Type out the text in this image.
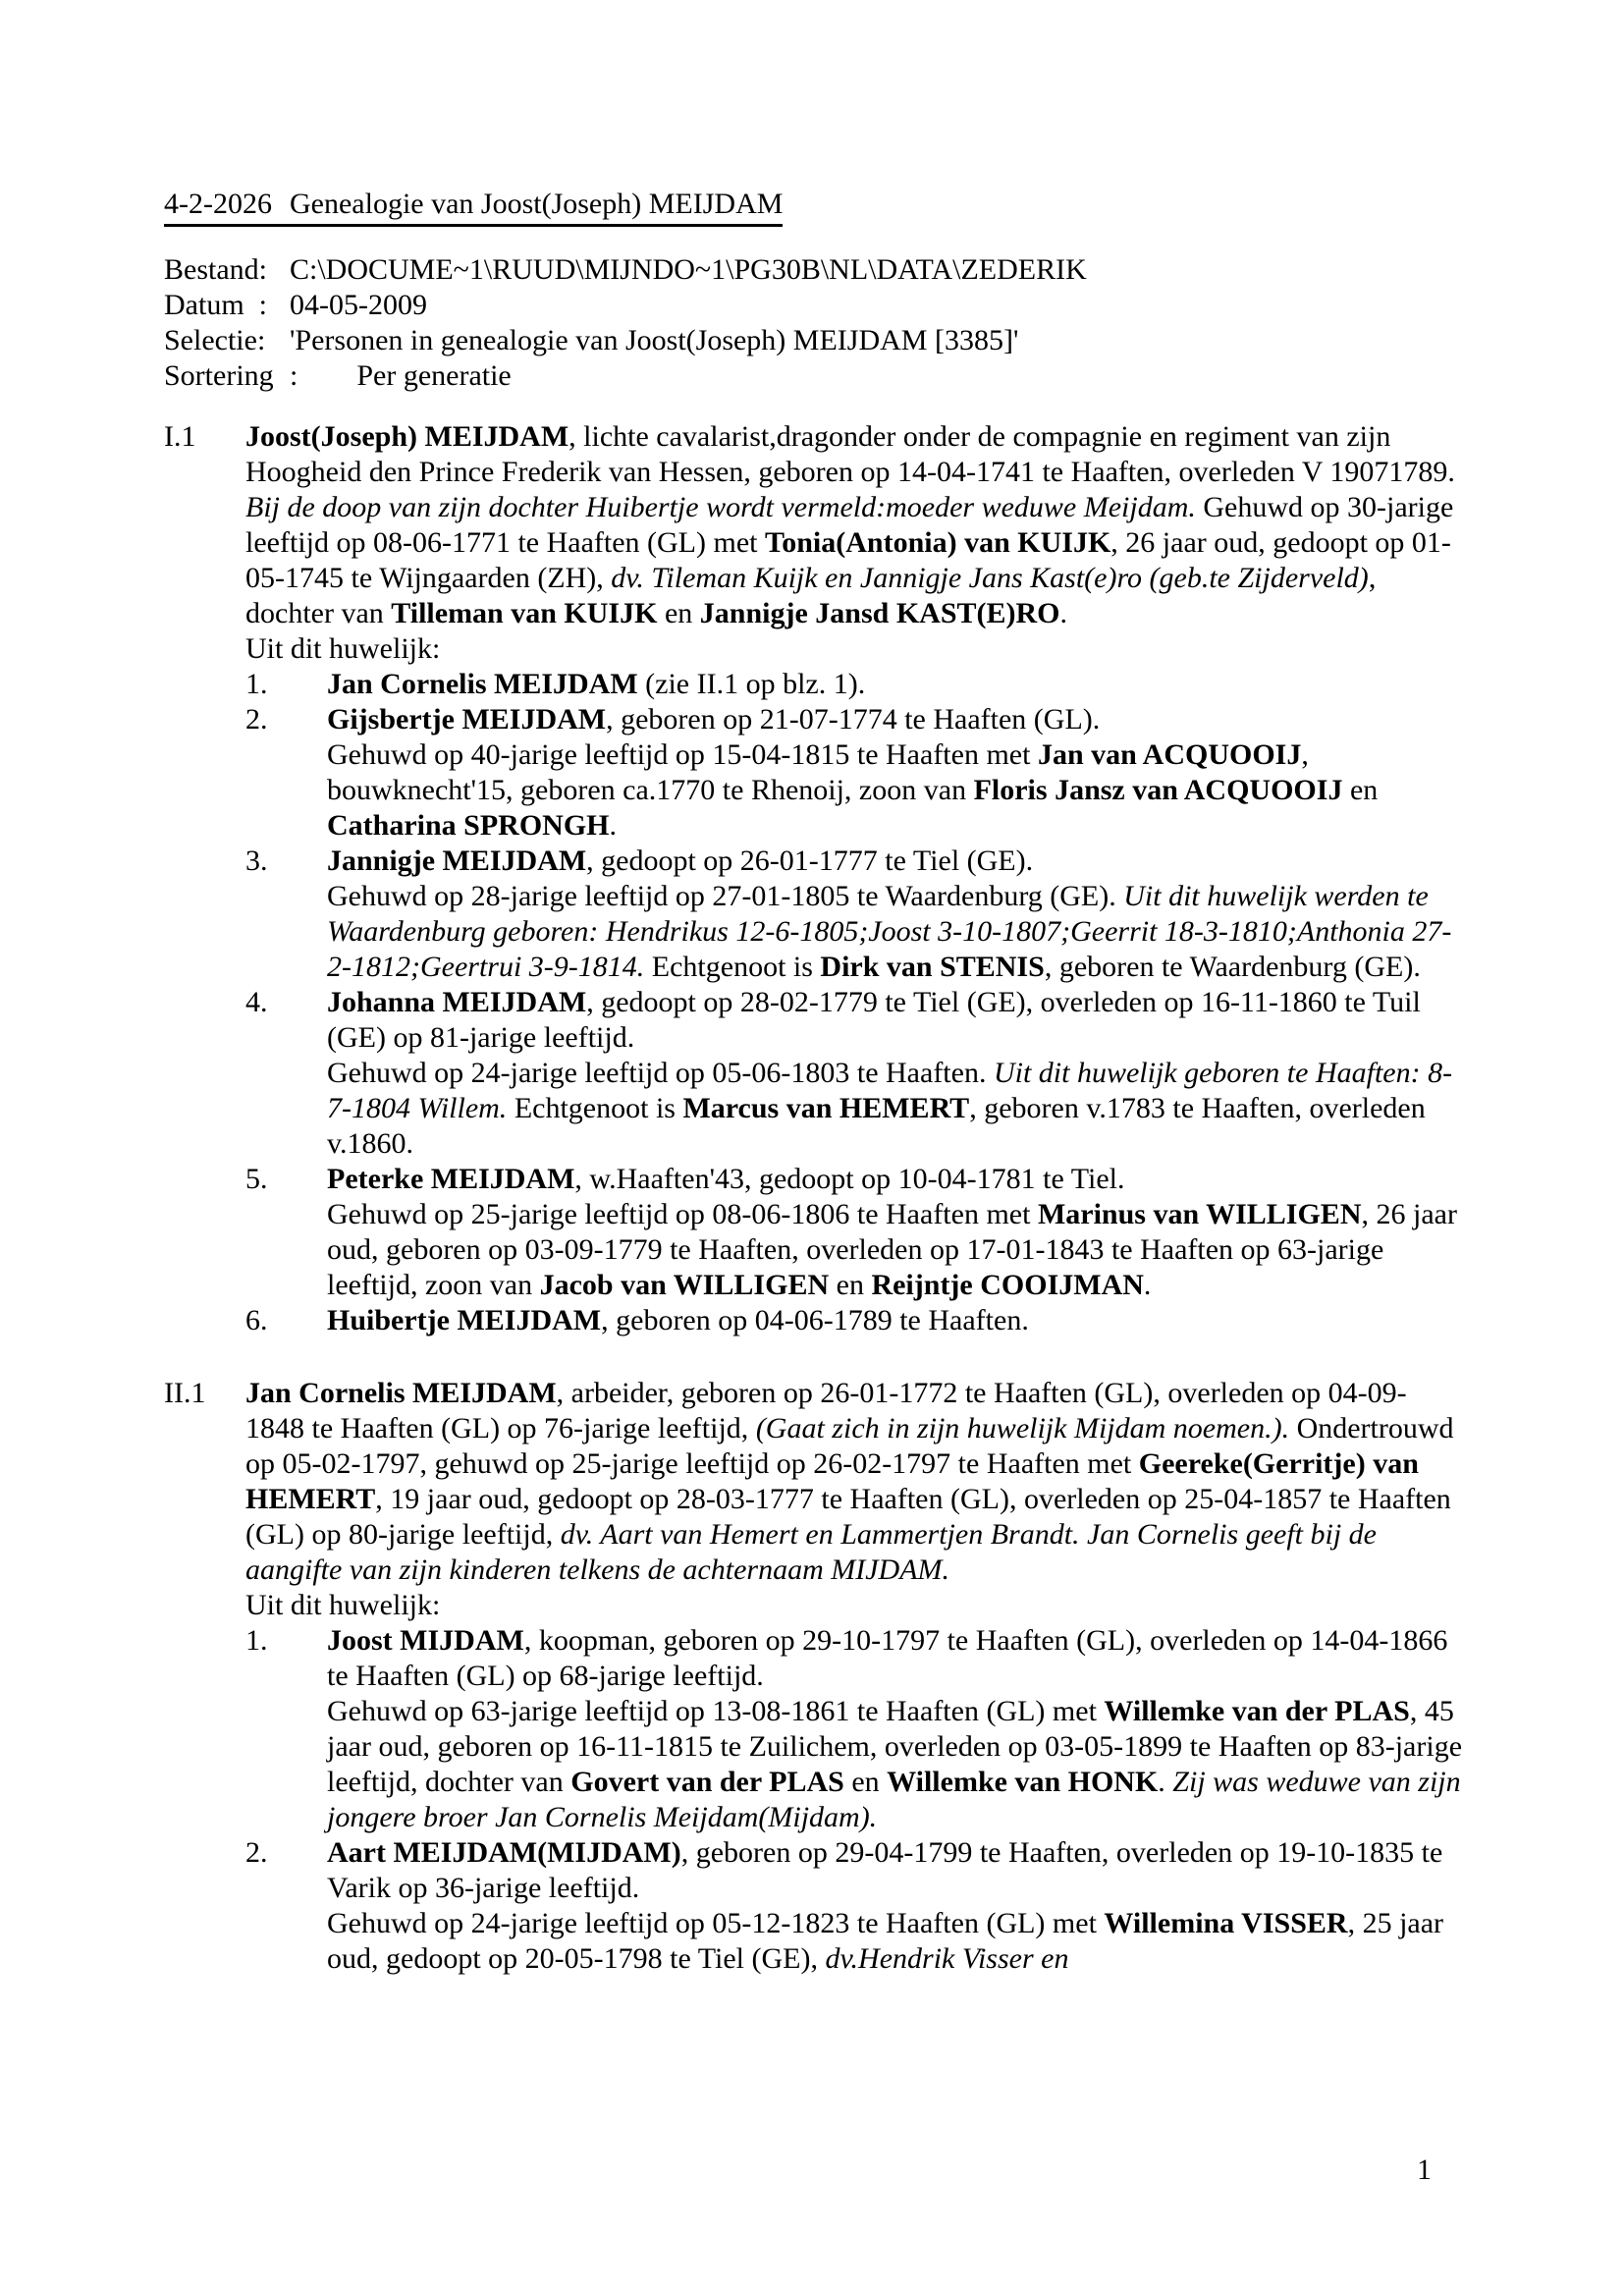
4-2-2026 Genealogie van Joost(Joseph) MEIJDAM
Bestand: C:\DOCUME~1\RUUD\MIJNDO~1\PG30B\NL\DATA\ZEDERIK
Datum  : 04-05-2009
Selectie: 'Personen in genealogie van Joost(Joseph) MEIJDAM [3385]'
Sortering :        Per generatie
I.1	Joost(Joseph) MEIJDAM, lichte cavalarist,dragonder onder de compagnie en regiment van zijn Hoogheid den Prince Frederik van Hessen, geboren op 14-04-1741 te Haaften, overleden V 19071789. Bij de doop van zijn dochter Huibertje wordt vermeld:moeder weduwe Meijdam. Gehuwd op 30-jarige leeftijd op 08-06-1771 te Haaften (GL) met Tonia(Antonia) van KUIJK, 26 jaar oud, gedoopt op 01-05-1745 te Wijngaarden (ZH), dv. Tileman Kuijk en Jannigje Jans Kast(e)ro (geb.te Zijderveld), dochter van Tilleman van KUIJK en Jannigje Jansd KAST(E)RO.
Uit dit huwelijk:
1.	Jan Cornelis MEIJDAM (zie II.1 op blz. 1).
2.	Gijsbertje MEIJDAM, geboren op 21-07-1774 te Haaften (GL).
Gehuwd op 40-jarige leeftijd op 15-04-1815 te Haaften met Jan van ACQUOOIJ, bouwknecht'15, geboren ca.1770 te Rhenoij, zoon van Floris Jansz van ACQUOOIJ en Catharina SPRONGH.
3.	Jannigje MEIJDAM, gedoopt op 26-01-1777 te Tiel (GE).
Gehuwd op 28-jarige leeftijd op 27-01-1805 te Waardenburg (GE). Uit dit huwelijk werden te Waardenburg geboren: Hendrikus 12-6-1805;Joost 3-10-1807;Geerrit 18-3-1810;Anthonia 27-2-1812;Geertrui 3-9-1814. Echtgenoot is Dirk van STENIS, geboren te Waardenburg (GE).
4.	Johanna MEIJDAM, gedoopt op 28-02-1779 te Tiel (GE), overleden op 16-11-1860 te Tuil (GE) op 81-jarige leeftijd.
Gehuwd op 24-jarige leeftijd op 05-06-1803 te Haaften. Uit dit huwelijk geboren te Haaften: 8-7-1804 Willem. Echtgenoot is Marcus van HEMERT, geboren v.1783 te Haaften, overleden v.1860.
5.	Peterke MEIJDAM, w.Haaften'43, gedoopt op 10-04-1781 te Tiel.
Gehuwd op 25-jarige leeftijd op 08-06-1806 te Haaften met Marinus van WILLIGEN, 26 jaar oud, geboren op 03-09-1779 te Haaften, overleden op 17-01-1843 te Haaften op 63-jarige leeftijd, zoon van Jacob van WILLIGEN en Reijntje COOIJMAN.
6.	Huibertje MEIJDAM, geboren op 04-06-1789 te Haaften.
II.1	Jan Cornelis MEIJDAM, arbeider, geboren op 26-01-1772 te Haaften (GL), overleden op 04-09-1848 te Haaften (GL) op 76-jarige leeftijd, (Gaat zich in zijn huwelijk Mijdam noemen.). Ondertrouwd op 05-02-1797, gehuwd op 25-jarige leeftijd op 26-02-1797 te Haaften met Geereke(Gerritje) van HEMERT, 19 jaar oud, gedoopt op 28-03-1777 te Haaften (GL), overleden op 25-04-1857 te Haaften (GL) op 80-jarige leeftijd, dv. Aart van Hemert en Lammertjen Brandt. Jan Cornelis geeft bij de aangifte van zijn kinderen telkens de achternaam MIJDAM.
Uit dit huwelijk:
1.	Joost MIJDAM, koopman, geboren op 29-10-1797 te Haaften (GL), overleden op 14-04-1866 te Haaften (GL) op 68-jarige leeftijd.
Gehuwd op 63-jarige leeftijd op 13-08-1861 te Haaften (GL) met Willemke van der PLAS, 45 jaar oud, geboren op 16-11-1815 te Zuilichem, overleden op 03-05-1899 te Haaften op 83-jarige leeftijd, dochter van Govert van der PLAS en Willemke van HONK. Zij was weduwe van zijn jongere broer Jan Cornelis Meijdam(Mijdam).
2.	Aart MEIJDAM(MIJDAM), geboren op 29-04-1799 te Haaften, overleden op 19-10-1835 te Varik op 36-jarige leeftijd.
Gehuwd op 24-jarige leeftijd op 05-12-1823 te Haaften (GL) met Willemina VISSER, 25 jaar oud, gedoopt op 20-05-1798 te Tiel (GE), dv.Hendrik Visser en
1
